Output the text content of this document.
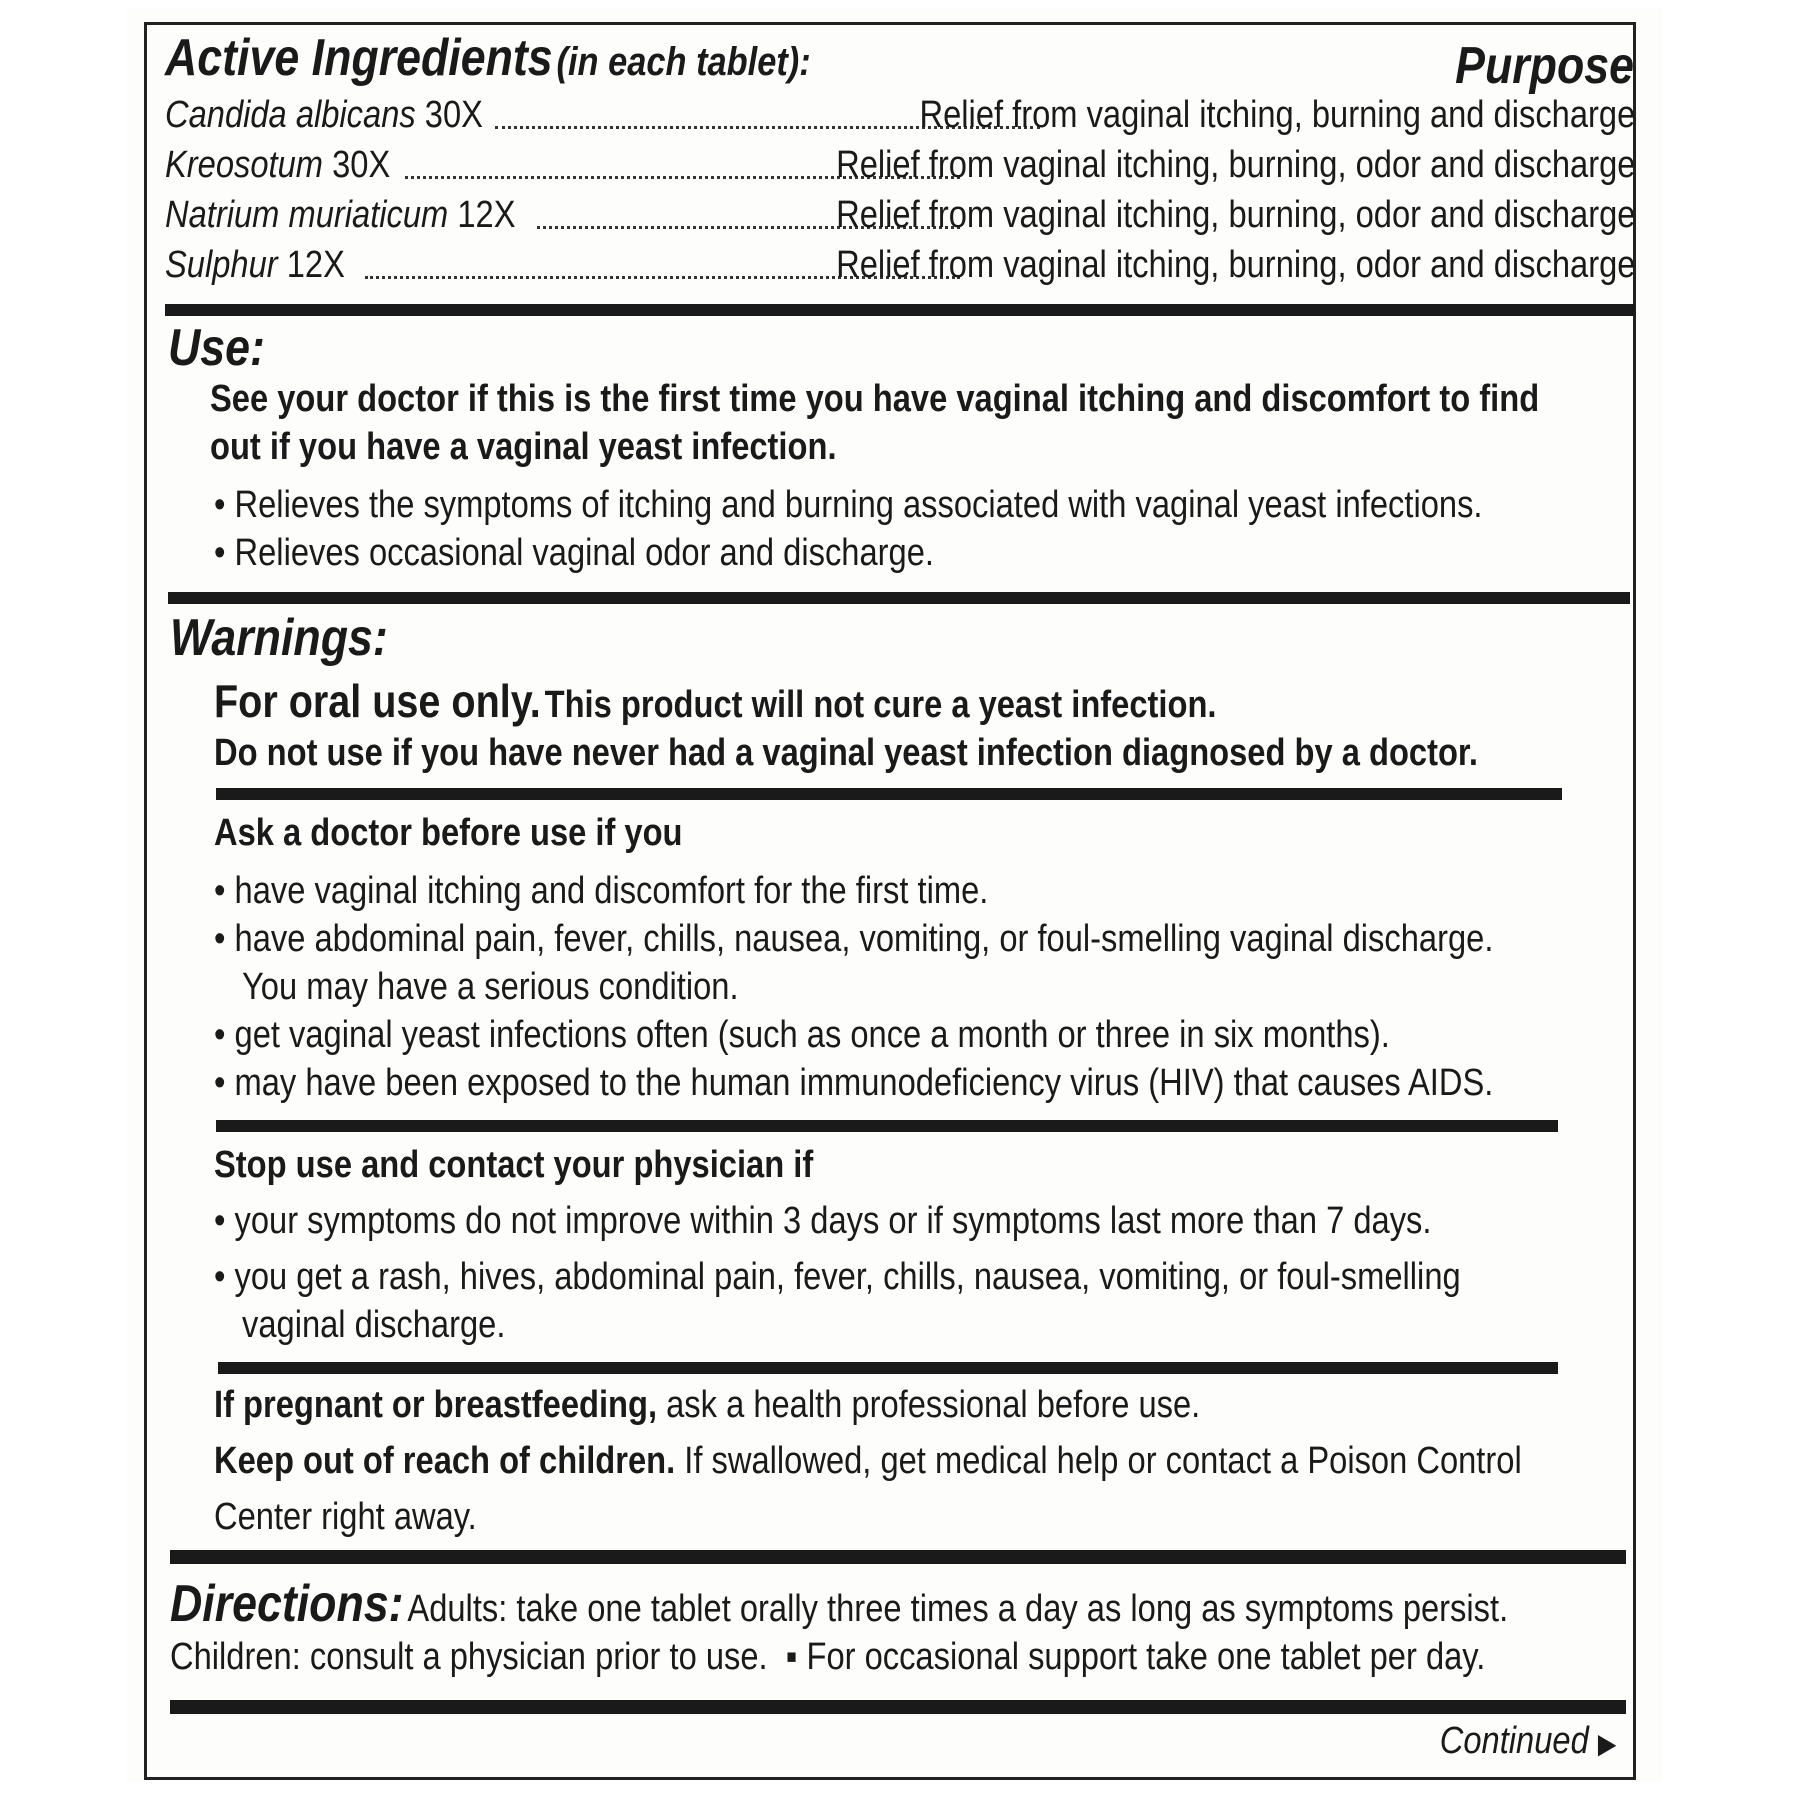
Active Ingredients (in each tablet):	Purpose
Candida albicans 30X	Relief from vaginal itching, burning and discharge
Kreosotum 30X	Relief from vaginal itching, burning, odor and discharge
Natrium muriaticum 12X	Relief from vaginal itching, burning, odor and discharge
Sulphur 12X	Relief from vaginal itching, burning, odor and discharge
Use:
See your doctor if this is the first time you have vaginal itching and discomfort to find
out if you have a vaginal yeast infection.
• Relieves the symptoms of itching and burning associated with vaginal yeast infections.
• Relieves occasional vaginal odor and discharge.
Warnings:
For oral use only. This product will not cure a yeast infection.
Do not use if you have never had a vaginal yeast infection diagnosed by a doctor.
Ask a doctor before use if you
• have vaginal itching and discomfort for the first time.
• have abdominal pain, fever, chills, nausea, vomiting, or foul-smelling vaginal discharge.
You may have a serious condition.
• get vaginal yeast infections often (such as once a month or three in six months).
• may have been exposed to the human immunodeficiency virus (HIV) that causes AIDS.
Stop use and contact your physician if
• your symptoms do not improve within 3 days or if symptoms last more than 7 days.
• you get a rash, hives, abdominal pain, fever, chills, nausea, vomiting, or foul-smelling
vaginal discharge.
If pregnant or breastfeeding, ask a health professional before use.
Keep out of reach of children. If swallowed, get medical help or contact a Poison Control
Center right away.
Directions: Adults: take one tablet orally three times a day as long as symptoms persist.
Children: consult a physician prior to use. ▪ For occasional support take one tablet per day.
Continued ▶
